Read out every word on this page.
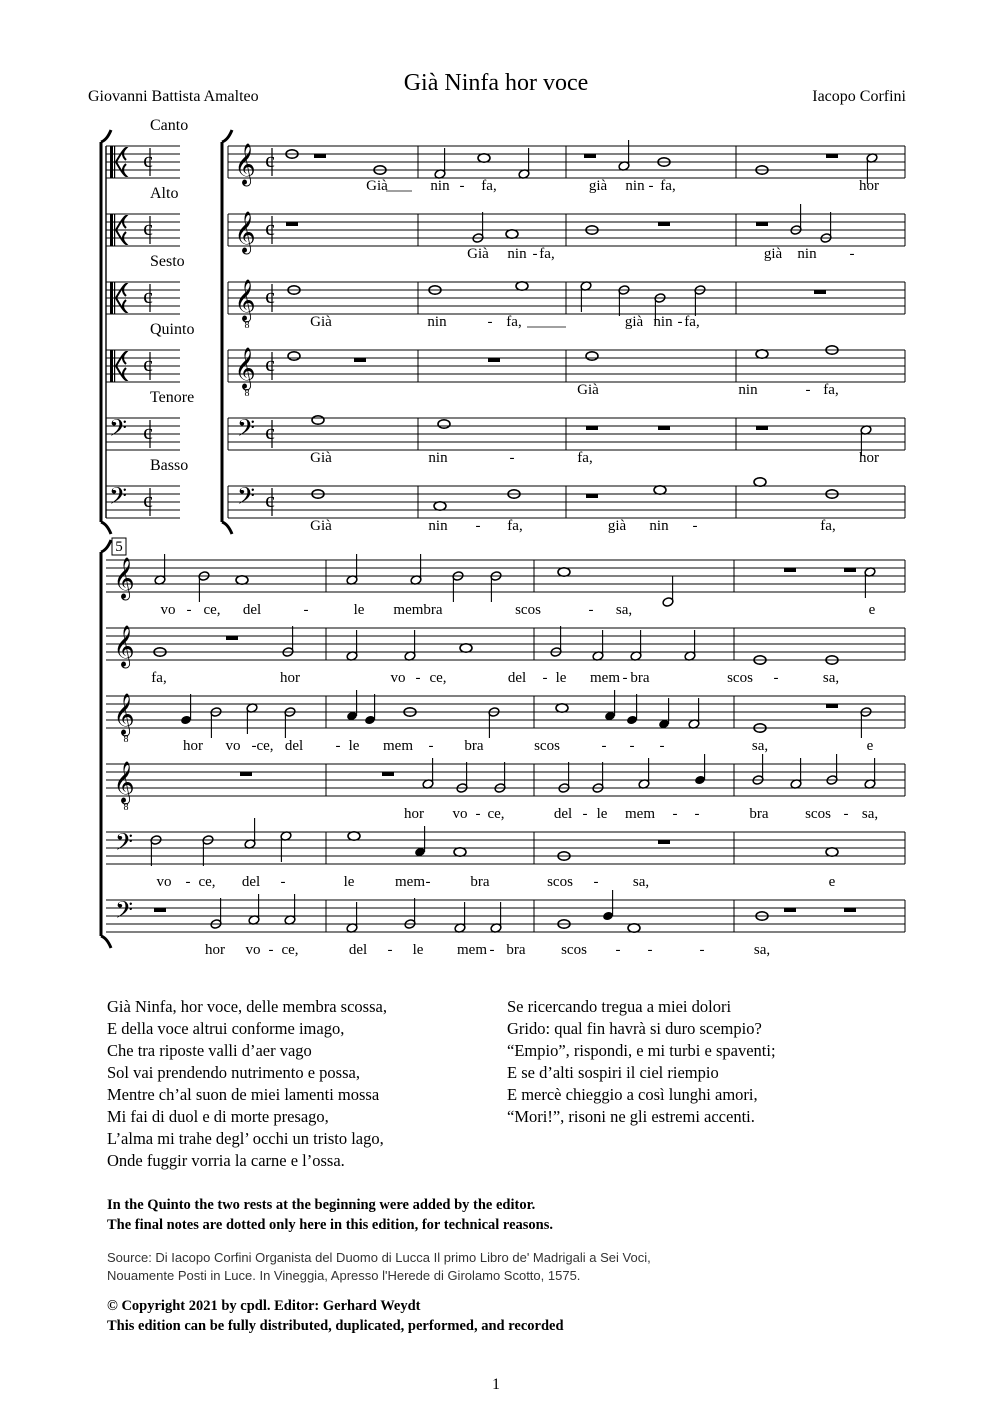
Già Ninfa hor voce
Giovanni Battista Amalteo	Iacopo Corfini
Canto
c 𝄞 c
Alto
c 𝄞 c
Sesto
c 𝄞
8
c
Quinto
c 𝄞
8
c
Tenore
𝄢 c	𝄢 c
Basso
𝄢 c	𝄢 c
Già	nin - fa,	già nin - fa,	hor
Già nin - fa,	già nin -
Già	nin	- fa,	già nin - fa,
Già	nin	- fa,
Già	nin	-	fa,	hor
Già	nin - fa,	già nin -	fa,
𝄞
𝄞
𝄞
8
𝄞
8
𝄢
𝄢
5
vo - ce, del	-	le membra	scos	- sa,	e
fa,	hor	vo - ce,	del - le mem - bra	scos -	sa,
hor vo - ce, del - le mem - bra	scos	- - -	sa,	e
hor vo - ce,	del - le mem - -	bra scos - sa,
vo - ce, del -	le	mem -	bra	scos - sa,	e
hor vo - ce,	del - le mem - bra scos - -	-	sa,
Già Ninfa, hor voce, delle membra scossa,
E della voce altrui conforme imago,
Che tra riposte valli d’aer vago
Sol vai prendendo nutrimento e possa,
Mentre ch’al suon de miei lamenti mossa
Mi fai di duol e di morte presago,
L’alma mi trahe degl’ occhi un tristo lago,
Onde fuggir vorria la carne e l’ossa.
Se ricercando tregua a miei dolori
Grido: qual fin havrà si duro scempio?
“Empio”, rispondi, e mi turbi e spaventi;
E se d’alti sospiri il ciel riempio
E mercè chieggio a così lunghi amori,
“Mori!”, risoni ne gli estremi accenti.
In the Quinto the two rests at the beginning were added by the editor.
The final notes are dotted only here in this edition, for technical reasons.
Source: Di Iacopo Corfini Organista del Duomo di Lucca Il primo Libro de' Madrigali a Sei Voci,
Nouamente Posti in Luce. In Vineggia, Apresso l'Herede di Girolamo Scotto, 1575.
© Copyright 2021 by cpdl. Editor: Gerhard Weydt
This edition can be fully distributed, duplicated, performed, and recorded
1
